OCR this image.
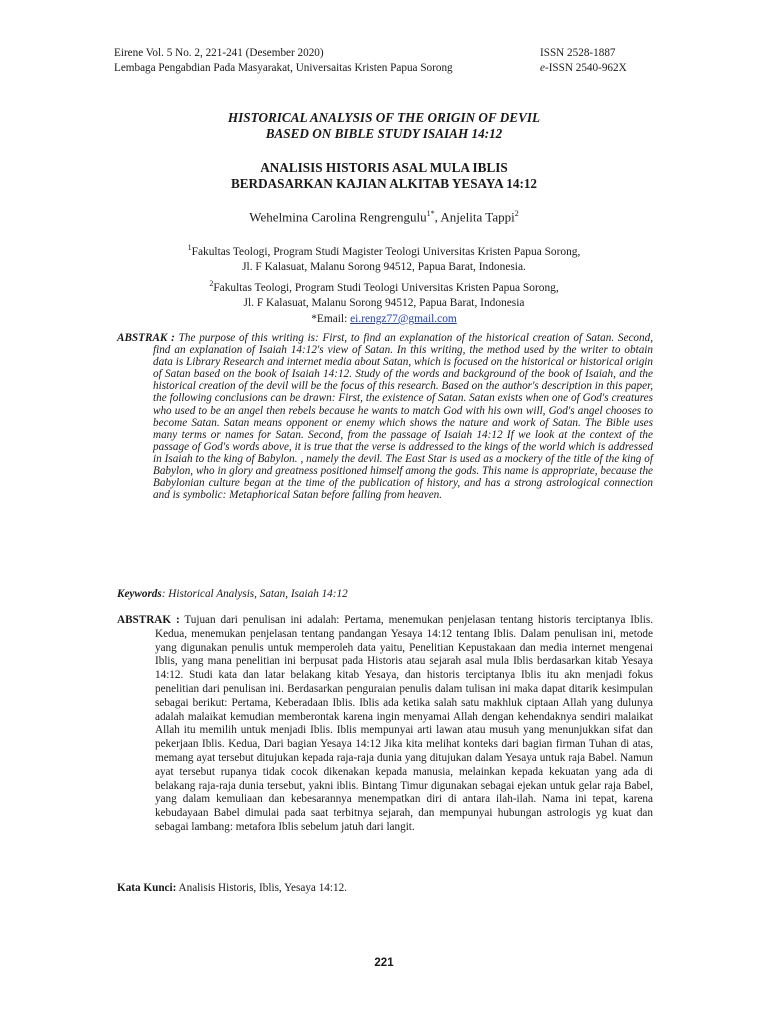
Eirene Vol. 5 No. 2, 221-241 (Desember 2020)	ISSN 2528-1887
Lembaga Pengabdian Pada Masyarakat, Universaitas Kristen Papua Sorong	e-ISSN 2540-962X
HISTORICAL ANALYSIS OF THE ORIGIN OF DEVIL
BASED ON BIBLE STUDY ISAIAH 14:12
ANALISIS HISTORIS ASAL MULA IBLIS
BERDASARKAN KAJIAN ALKITAB YESAYA 14:12
Wehelmina Carolina Rengrengulu$^{1*}$, Anjelita Tappi$^2$
$^1$Fakultas Teologi, Program Studi Magister Teologi Universitas Kristen Papua Sorong,
Jl. F Kalasuat, Malanu Sorong 94512, Papua Barat, Indonesia.
$^2$Fakultas Teologi, Program Studi Teologi Universitas Kristen Papua Sorong,
Jl. F Kalasuat, Malanu Sorong 94512, Papua Barat, Indonesia
*Email: ei.rengz77@gmail.com
ABSTRAK : The purpose of this writing is: First, to find an explanation of the historical creation of Satan. Second, find an explanation of Isaiah 14:12's view of Satan. In this writing, the method used by the writer to obtain data is Library Research and internet media about Satan, which is focused on the historical or historical origin of Satan based on the book of Isaiah 14:12. Study of the words and background of the book of Isaiah, and the historical creation of the devil will be the focus of this research. Based on the author's description in this paper, the following conclusions can be drawn: First, the existence of Satan. Satan exists when one of God's creatures who used to be an angel then rebels because he wants to match God with his own will, God's angel chooses to become Satan. Satan means opponent or enemy which shows the nature and work of Satan. The Bible uses many terms or names for Satan. Second, from the passage of Isaiah 14:12 If we look at the context of the passage of God's words above, it is true that the verse is addressed to the kings of the world which is addressed in Isaiah to the king of Babylon. , namely the devil. The East Star is used as a mockery of the title of the king of Babylon, who in glory and greatness positioned himself among the gods. This name is appropriate, because the Babylonian culture began at the time of the publication of history, and has a strong astrological connection and is symbolic: Metaphorical Satan before falling from heaven.
Keywords: Historical Analysis, Satan, Isaiah 14:12
ABSTRAK : Tujuan dari penulisan ini adalah: Pertama, menemukan penjelasan tentang historis terciptanya Iblis. Kedua, menemukan penjelasan tentang pandangan Yesaya 14:12 tentang Iblis. Dalam penulisan ini, metode yang digunakan penulis untuk memperoleh data yaitu, Penelitian Kepustakaan dan media internet mengenai Iblis, yang mana penelitian ini berpusat pada Historis atau sejarah asal mula Iblis berdasarkan kitab Yesaya 14:12. Studi kata dan latar belakang kitab Yesaya, dan historis terciptanya Iblis itu akn menjadi fokus penelitian dari penulisan ini. Berdasarkan penguraian penulis dalam tulisan ini maka dapat ditarik kesimpulan sebagai berikut: Pertama, Keberadaan Iblis. Iblis ada ketika salah satu makhluk ciptaan Allah yang dulunya adalah malaikat kemudian memberontak karena ingin menyamai Allah dengan kehendaknya sendiri malaikat Allah itu memilih untuk menjadi Iblis. Iblis mempunyai arti lawan atau musuh yang menunjukkan sifat dan pekerjaan Iblis. Kedua, Dari bagian Yesaya 14:12 Jika kita melihat konteks dari bagian firman Tuhan di atas, memang ayat tersebut ditujukan kepada raja-raja dunia yang ditujukan dalam Yesaya untuk raja Babel. Namun ayat tersebut rupanya tidak cocok dikenakan kepada manusia, melainkan kepada kekuatan yang ada di belakang raja-raja dunia tersebut, yakni iblis. Bintang Timur digunakan sebagai ejekan untuk gelar raja Babel, yang dalam kemuliaan dan kebesarannya menempatkan diri di antara ilah-ilah. Nama ini tepat, karena kebudayaan Babel dimulai pada saat terbitnya sejarah, dan mempunyai hubungan astrologis yg kuat dan sebagai lambang: metafora Iblis sebelum jatuh dari langit.
Kata Kunci: Analisis Historis, Iblis, Yesaya 14:12.
221
